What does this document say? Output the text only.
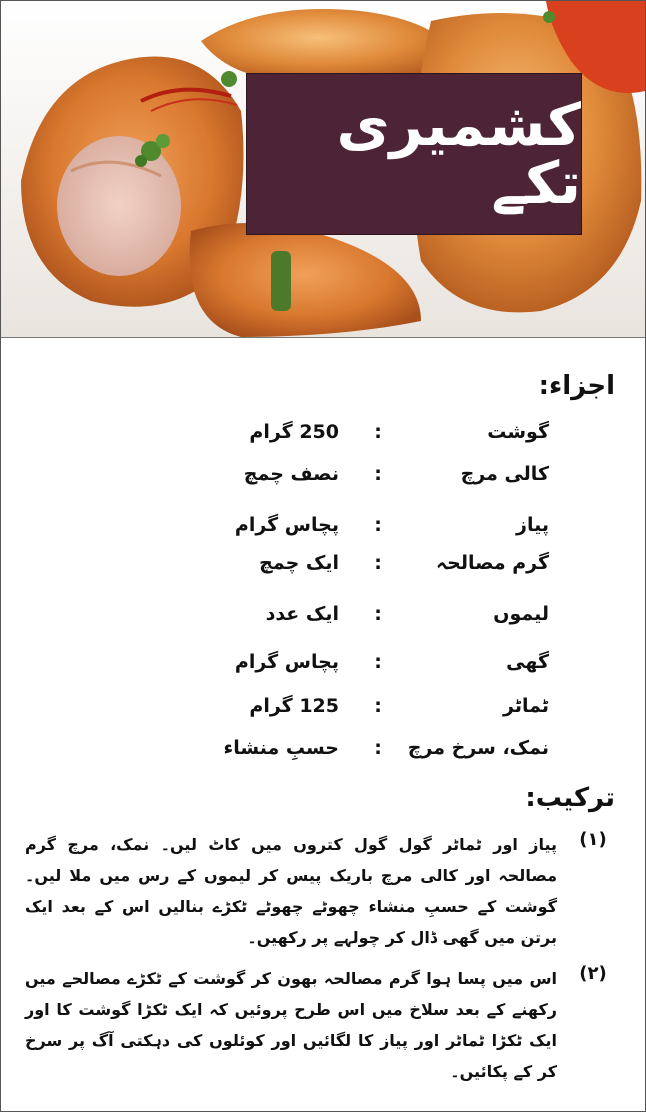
کشمیری تکے
اجزاء:
گوشت
:
250 گرام
کالی مرچ
:
نصف چمچ
پیاز
:
پچاس گرام
گرم مصالحہ
:
ایک چمچ
لیموں
:
ایک عدد
گھی
:
پچاس گرام
ٹماٹر
:
125 گرام
نمک، سرخ مرچ
:
حسبِ منشاء
ترکیب:
(۱)
پیاز اور ٹماٹر گول گول کتروں میں کاٹ لیں۔ نمک، مرچ گرم مصالحہ اور کالی مرچ باریک پیس کر لیموں کے رس میں ملا لیں۔ گوشت کے حسبِ منشاء چھوٹے چھوٹے ٹکڑے بنالیں اس کے بعد ایک برتن میں گھی ڈال کر چولہے پر رکھیں۔
(۲)
اس میں پسا ہوا گرم مصالحہ بھون کر گوشت کے ٹکڑے مصالحے میں رکھنے کے بعد سلاخ میں اس طرح پروئیں کہ ایک ٹکڑا گوشت کا اور ایک ٹکڑا ٹماٹر اور پیاز کا لگائیں اور کوئلوں کی دہکتی آگ پر سرخ کر کے پکائیں۔
